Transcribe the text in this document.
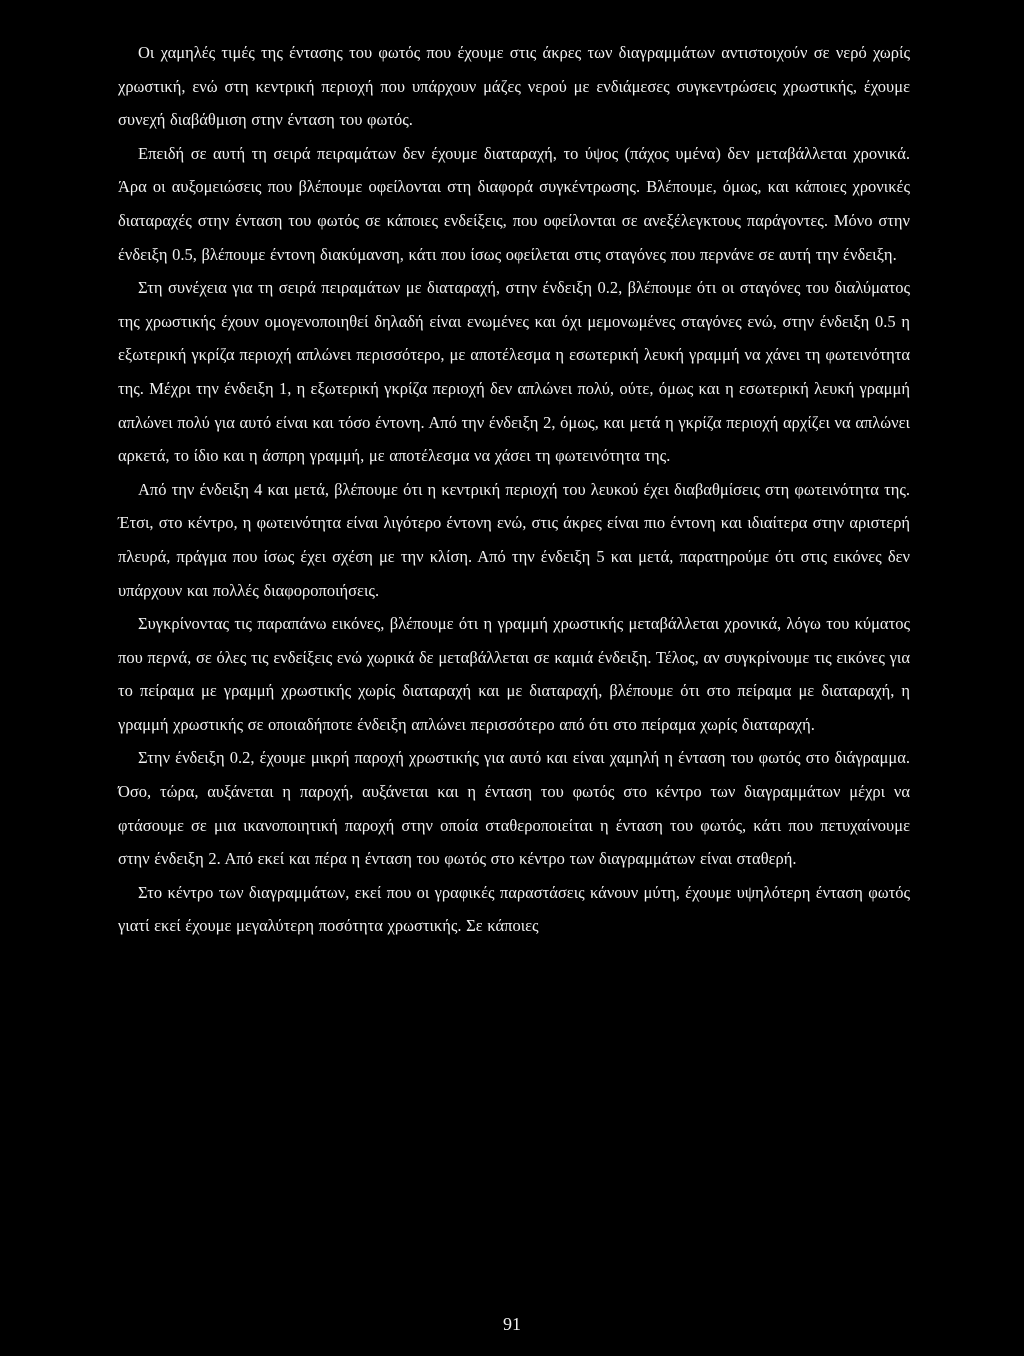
Οι χαμηλές τιμές της έντασης του φωτός που έχουμε στις άκρες των διαγραμμάτων αντιστοιχούν σε νερό χωρίς χρωστική, ενώ στη κεντρική περιοχή που υπάρχουν μάζες νερού με ενδιάμεσες συγκεντρώσεις χρωστικής, έχουμε συνεχή διαβάθμιση στην ένταση του φωτός.

Επειδή σε αυτή τη σειρά πειραμάτων δεν έχουμε διαταραχή, το ύψος (πάχος υμένα) δεν μεταβάλλεται χρονικά. Άρα οι αυξομειώσεις που βλέπουμε οφείλονται στη διαφορά συγκέντρωσης. Βλέπουμε, όμως, και κάποιες χρονικές διαταραχές στην ένταση του φωτός σε κάποιες ενδείξεις, που οφείλονται σε ανεξέλεγκτους παράγοντες. Μόνο στην ένδειξη 0.5, βλέπουμε έντονη διακύμανση, κάτι που ίσως οφείλεται στις σταγόνες που περνάνε σε αυτή την ένδειξη.

Στη συνέχεια για τη σειρά πειραμάτων με διαταραχή, στην ένδειξη 0.2, βλέπουμε ότι οι σταγόνες του διαλύματος της χρωστικής έχουν ομογενοποιηθεί δηλαδή είναι ενωμένες και όχι μεμονωμένες σταγόνες ενώ, στην ένδειξη 0.5 η εξωτερική γκρίζα περιοχή απλώνει περισσότερο, με αποτέλεσμα η εσωτερική λευκή γραμμή να χάνει τη φωτεινότητα της. Μέχρι την ένδειξη 1, η εξωτερική γκρίζα περιοχή δεν απλώνει πολύ, ούτε, όμως και η εσωτερική λευκή γραμμή απλώνει πολύ για αυτό είναι και τόσο έντονη. Από την ένδειξη 2, όμως, και μετά η γκρίζα περιοχή αρχίζει να απλώνει αρκετά, το ίδιο και η άσπρη γραμμή, με αποτέλεσμα να χάσει τη φωτεινότητα της.

Από την ένδειξη 4 και μετά, βλέπουμε ότι η κεντρική περιοχή του λευκού έχει διαβαθμίσεις στη φωτεινότητα της. Έτσι, στο κέντρο, η φωτεινότητα είναι λιγότερο έντονη ενώ, στις άκρες είναι πιο έντονη και ιδιαίτερα στην αριστερή πλευρά, πράγμα που ίσως έχει σχέση με την κλίση. Από την ένδειξη 5 και μετά, παρατηρούμε ότι στις εικόνες δεν υπάρχουν και πολλές διαφοροποιήσεις.

Συγκρίνοντας τις παραπάνω εικόνες, βλέπουμε ότι η γραμμή χρωστικής μεταβάλλεται χρονικά, λόγω του κύματος που περνά, σε όλες τις ενδείξεις ενώ χωρικά δε μεταβάλλεται σε καμιά ένδειξη. Τέλος, αν συγκρίνουμε τις εικόνες για το πείραμα με γραμμή χρωστικής χωρίς διαταραχή και με διαταραχή, βλέπουμε ότι στο πείραμα με διαταραχή, η γραμμή χρωστικής σε οποιαδήποτε ένδειξη απλώνει περισσότερο από ότι στο πείραμα χωρίς διαταραχή.

Στην ένδειξη 0.2, έχουμε μικρή παροχή χρωστικής για αυτό και είναι χαμηλή η ένταση του φωτός στο διάγραμμα. Όσο, τώρα, αυξάνεται η παροχή, αυξάνεται και η ένταση του φωτός στο κέντρο των διαγραμμάτων μέχρι να φτάσουμε σε μια ικανοποιητική παροχή στην οποία σταθεροποιείται η ένταση του φωτός, κάτι που πετυχαίνουμε στην ένδειξη 2. Από εκεί και πέρα η ένταση του φωτός στο κέντρο των διαγραμμάτων είναι σταθερή.

Στο κέντρο των διαγραμμάτων, εκεί που οι γραφικές παραστάσεις κάνουν μύτη, έχουμε υψηλότερη ένταση φωτός γιατί εκεί έχουμε μεγαλύτερη ποσότητα χρωστικής. Σε κάποιες

91
